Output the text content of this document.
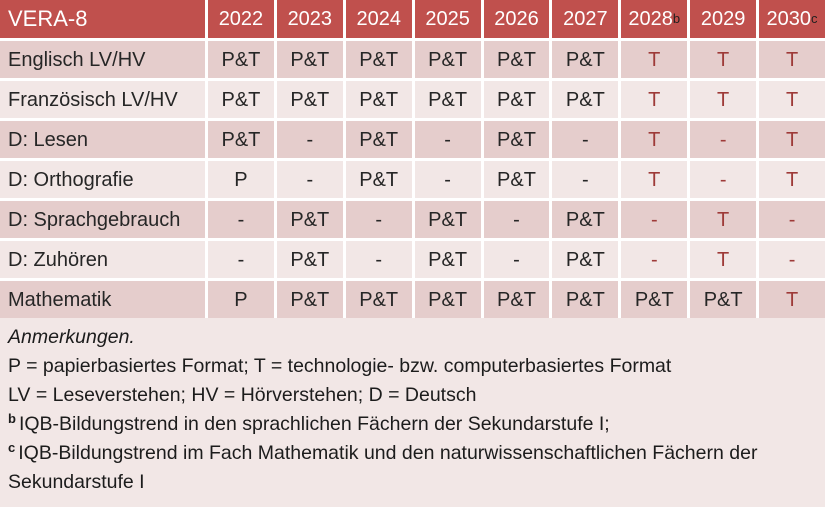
VERA-8	2022 2023 2024 2025 2026 2027 2028 b 2029 2030 c
Englisch LV/HV	P&T	P&T	P&T	P&T	P&T	P&T	T	T	T
Französisch LV/HV	P&T	P&T	P&T	P&T	P&T	P&T	T	T	T
D: Lesen	P&T	-	P&T	-	P&T	-	T	-	T
D: Orthografie	P	-	P&T	-	P&T	-	T	-	T
D: Sprachgebrauch	-	P&T	-	P&T	-	P&T	-	T	-
D: Zuhören	-	P&T	-	P&T	-	P&T	-	T	-
Mathematik	P	P&T	P&T	P&T	P&T	P&T	P&T	P&T	T
Anmerkungen.
P = papierbasiertes Format; T = technologie- bzw. computerbasiertes Format
LV = Leseverstehen; HV = Hörverstehen; D = Deutsch
$^b$ IQB-Bildungstrend in den sprachlichen Fächern der Sekundarstufe I;
$^c$ IQB-Bildungstrend im Fach Mathematik und den naturwissenschaftlichen Fächern der Sekundarstufe I
